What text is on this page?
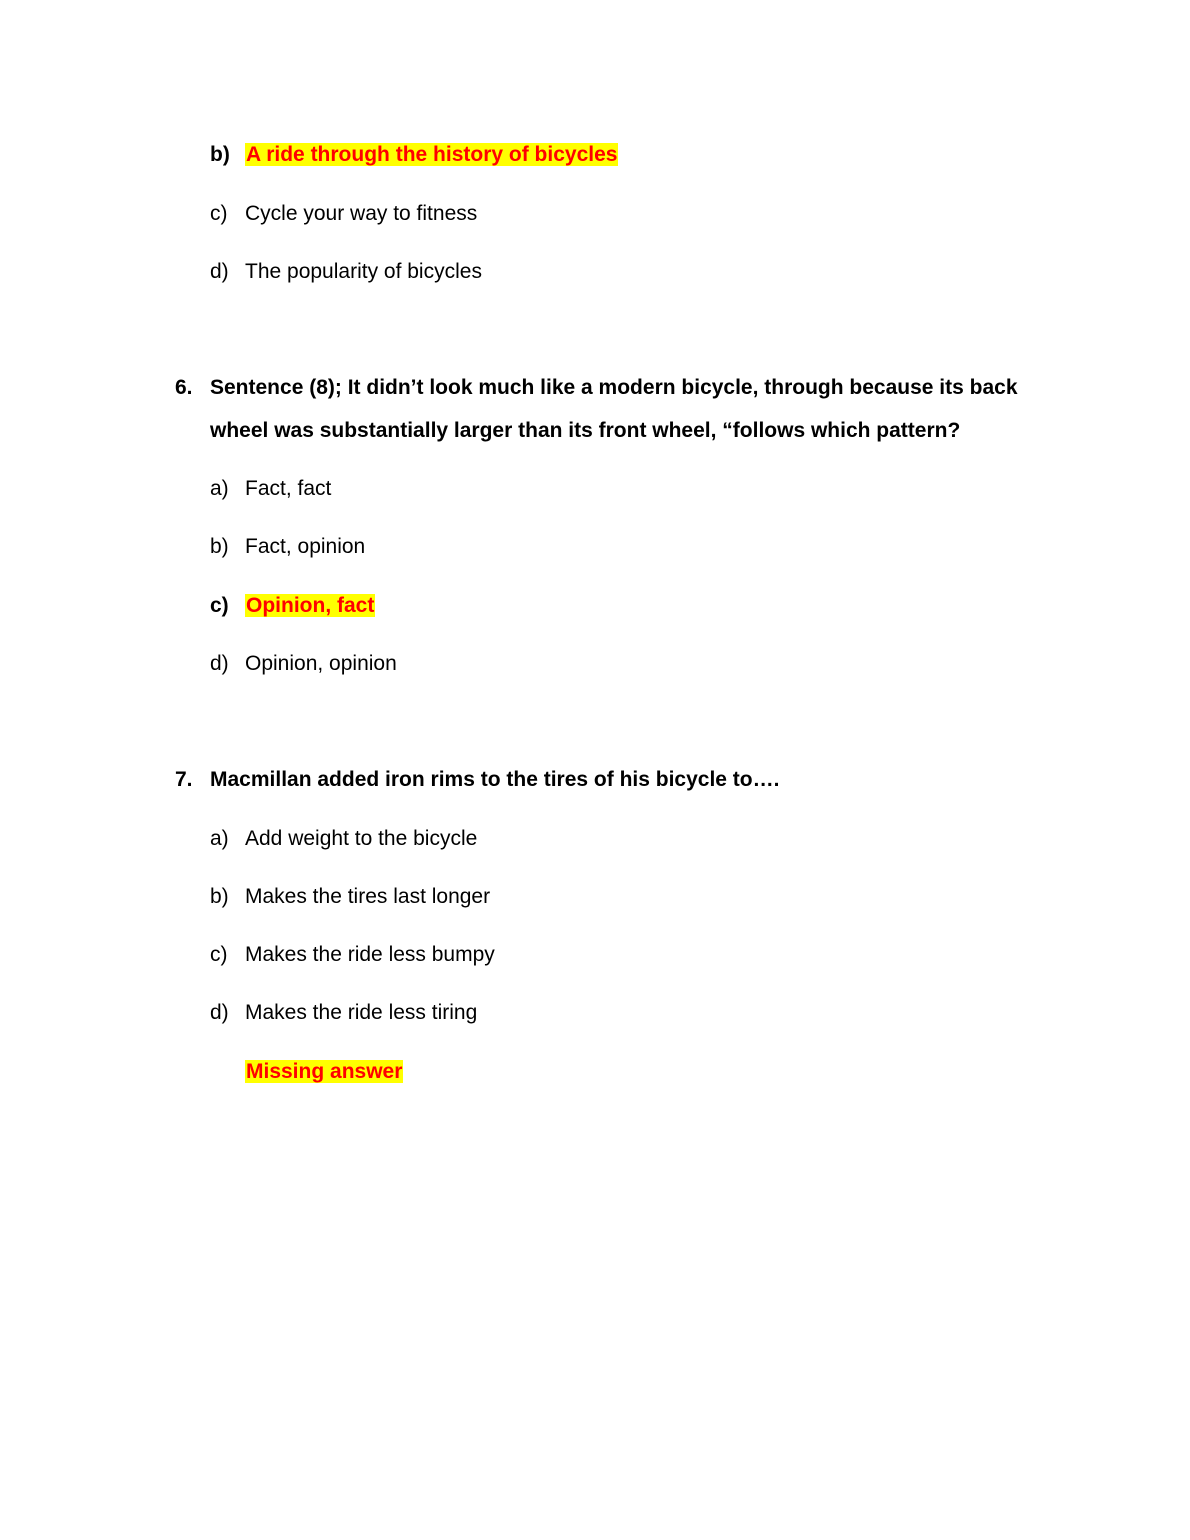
b) A ride through the history of bicycles
c) Cycle your way to fitness
d) The popularity of bicycles
6. Sentence (8); It didn’t look much like a modern bicycle, through because its back
wheel was substantially larger than its front wheel, “follows which pattern?
a) Fact, fact
b) Fact, opinion
c) Opinion, fact
d) Opinion, opinion
7. Macmillan added iron rims to the tires of his bicycle to….
a) Add weight to the bicycle
b) Makes the tires last longer
c) Makes the ride less bumpy
d) Makes the ride less tiring
Missing answer
